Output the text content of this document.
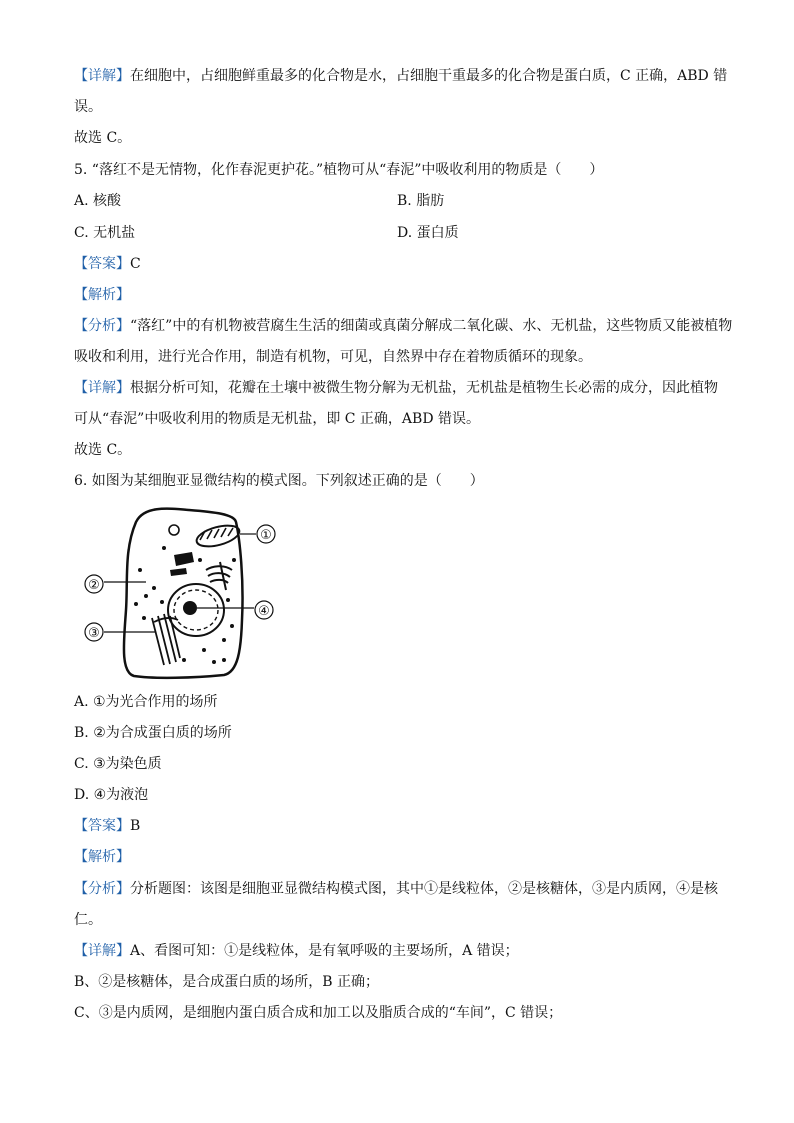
【详解】在细胞中，占细胞鲜重最多的化合物是水，占细胞干重最多的化合物是蛋白质，C 正确，ABD 错
误。
故选 C。
5. “落红不是无情物，化作春泥更护花。”植物可从“春泥”中吸收利用的物质是（　　）
A. 核酸	B. 脂肪
C. 无机盐	D. 蛋白质
【答案】C
【解析】
【分析】“落红”中的有机物被营腐生生活的细菌或真菌分解成二氧化碳、水、无机盐，这些物质又能被植物
吸收和利用，进行光合作用，制造有机物，可见，自然界中存在着物质循环的现象。
【详解】根据分析可知，花瓣在土壤中被微生物分解为无机盐，无机盐是植物生长必需的成分，因此植物
可从“春泥”中吸收利用的物质是无机盐，即 C 正确，ABD 错误。
故选 C。
6. 如图为某细胞亚显微结构的模式图。下列叙述正确的是（　　）
①
④
②
③
A. ①为光合作用的场所
B. ②为合成蛋白质的场所
C. ③为染色质
D. ④为液泡
【答案】B
【解析】
【分析】分析题图：该图是细胞亚显微结构模式图，其中①是线粒体，②是核糖体，③是内质网，④是核
仁。
【详解】A、看图可知：①是线粒体，是有氧呼吸的主要场所，A 错误；
B、②是核糖体，是合成蛋白质的场所，B 正确；
C、③是内质网，是细胞内蛋白质合成和加工以及脂质合成的“车间”，C 错误；
